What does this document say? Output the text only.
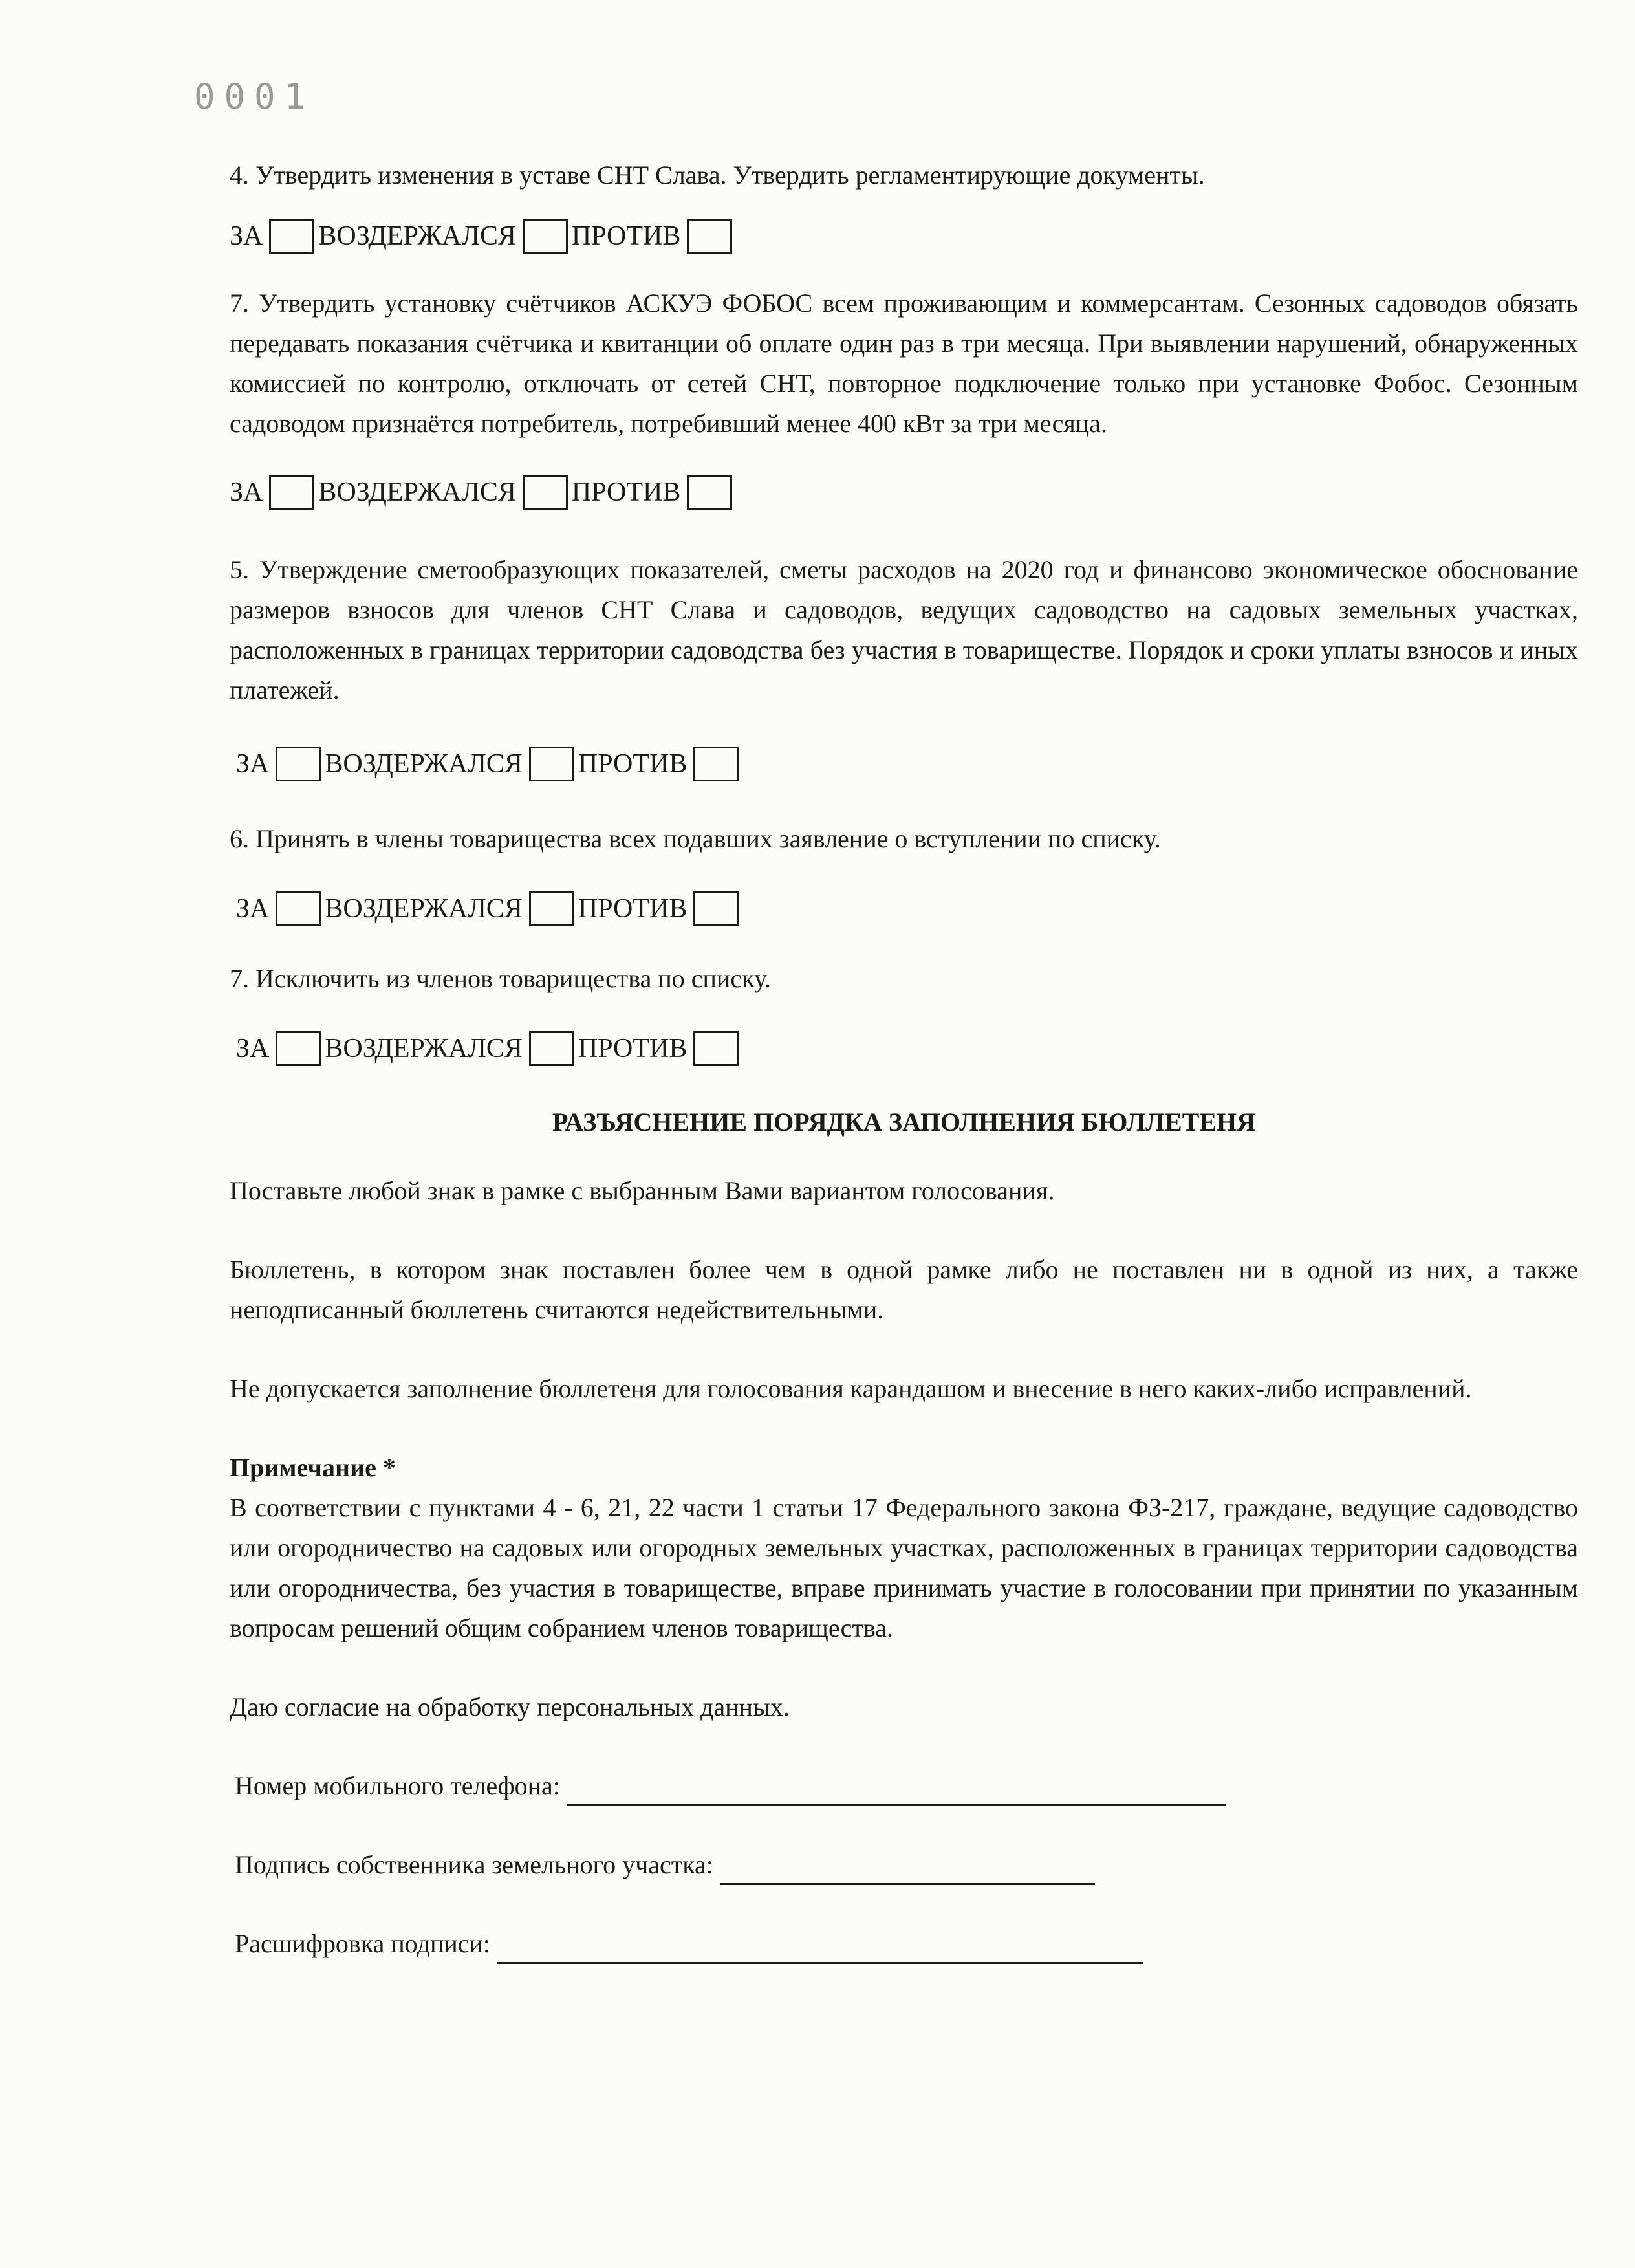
0001

4. Утвердить изменения в уставе СНТ Слава. Утвердить регламентирующие документы.

ЗА ВОЗДЕРЖАЛСЯ ПРОТИВ

7. Утвердить установку счётчиков АСКУЭ ФОБОС всем проживающим и коммерсантам. Сезонных садоводов обязать передавать показания счётчика и квитанции об оплате один раз в три месяца. При выявлении нарушений, обнаруженных комиссией по контролю, отключать от сетей СНТ, повторное подключение только при установке Фобос. Сезонным садоводом признаётся потребитель, потребивший менее 400 кВт за три месяца.

ЗА ВОЗДЕРЖАЛСЯ ПРОТИВ

5. Утверждение сметообразующих показателей, сметы расходов на 2020 год и финансово экономическое обоснование размеров взносов для членов СНТ Слава и садоводов, ведущих садоводство на садовых земельных участках, расположенных в границах территории садоводства без участия в товариществе. Порядок и сроки уплаты взносов и иных платежей.

ЗА ВОЗДЕРЖАЛСЯ ПРОТИВ

6. Принять в члены товарищества всех подавших заявление о вступлении по списку.

ЗА ВОЗДЕРЖАЛСЯ ПРОТИВ

7. Исключить из членов товарищества по списку.

ЗА ВОЗДЕРЖАЛСЯ ПРОТИВ

РАЗЪЯСНЕНИЕ ПОРЯДКА ЗАПОЛНЕНИЯ БЮЛЛЕТЕНЯ

Поставьте любой знак в рамке с выбранным Вами вариантом голосования.

Бюллетень, в котором знак поставлен более чем в одной рамке либо не поставлен ни в одной из них, а также неподписанный бюллетень считаются недействительными.

Не допускается заполнение бюллетеня для голосования карандашом и внесение в него каких-либо исправлений.

Примечание *

В соответствии с пунктами 4 - 6, 21, 22 части 1 статьи 17 Федерального закона ФЗ-217, граждане, ведущие садоводство или огородничество на садовых или огородных земельных участках, расположенных в границах территории садоводства или огородничества, без участия в товариществе, вправе принимать участие в голосовании при принятии по указанным вопросам решений общим собранием членов товарищества.

Даю согласие на обработку персональных данных.

Номер мобильного телефона:
Подпись собственника земельного участка:
Расшифровка подписи:
